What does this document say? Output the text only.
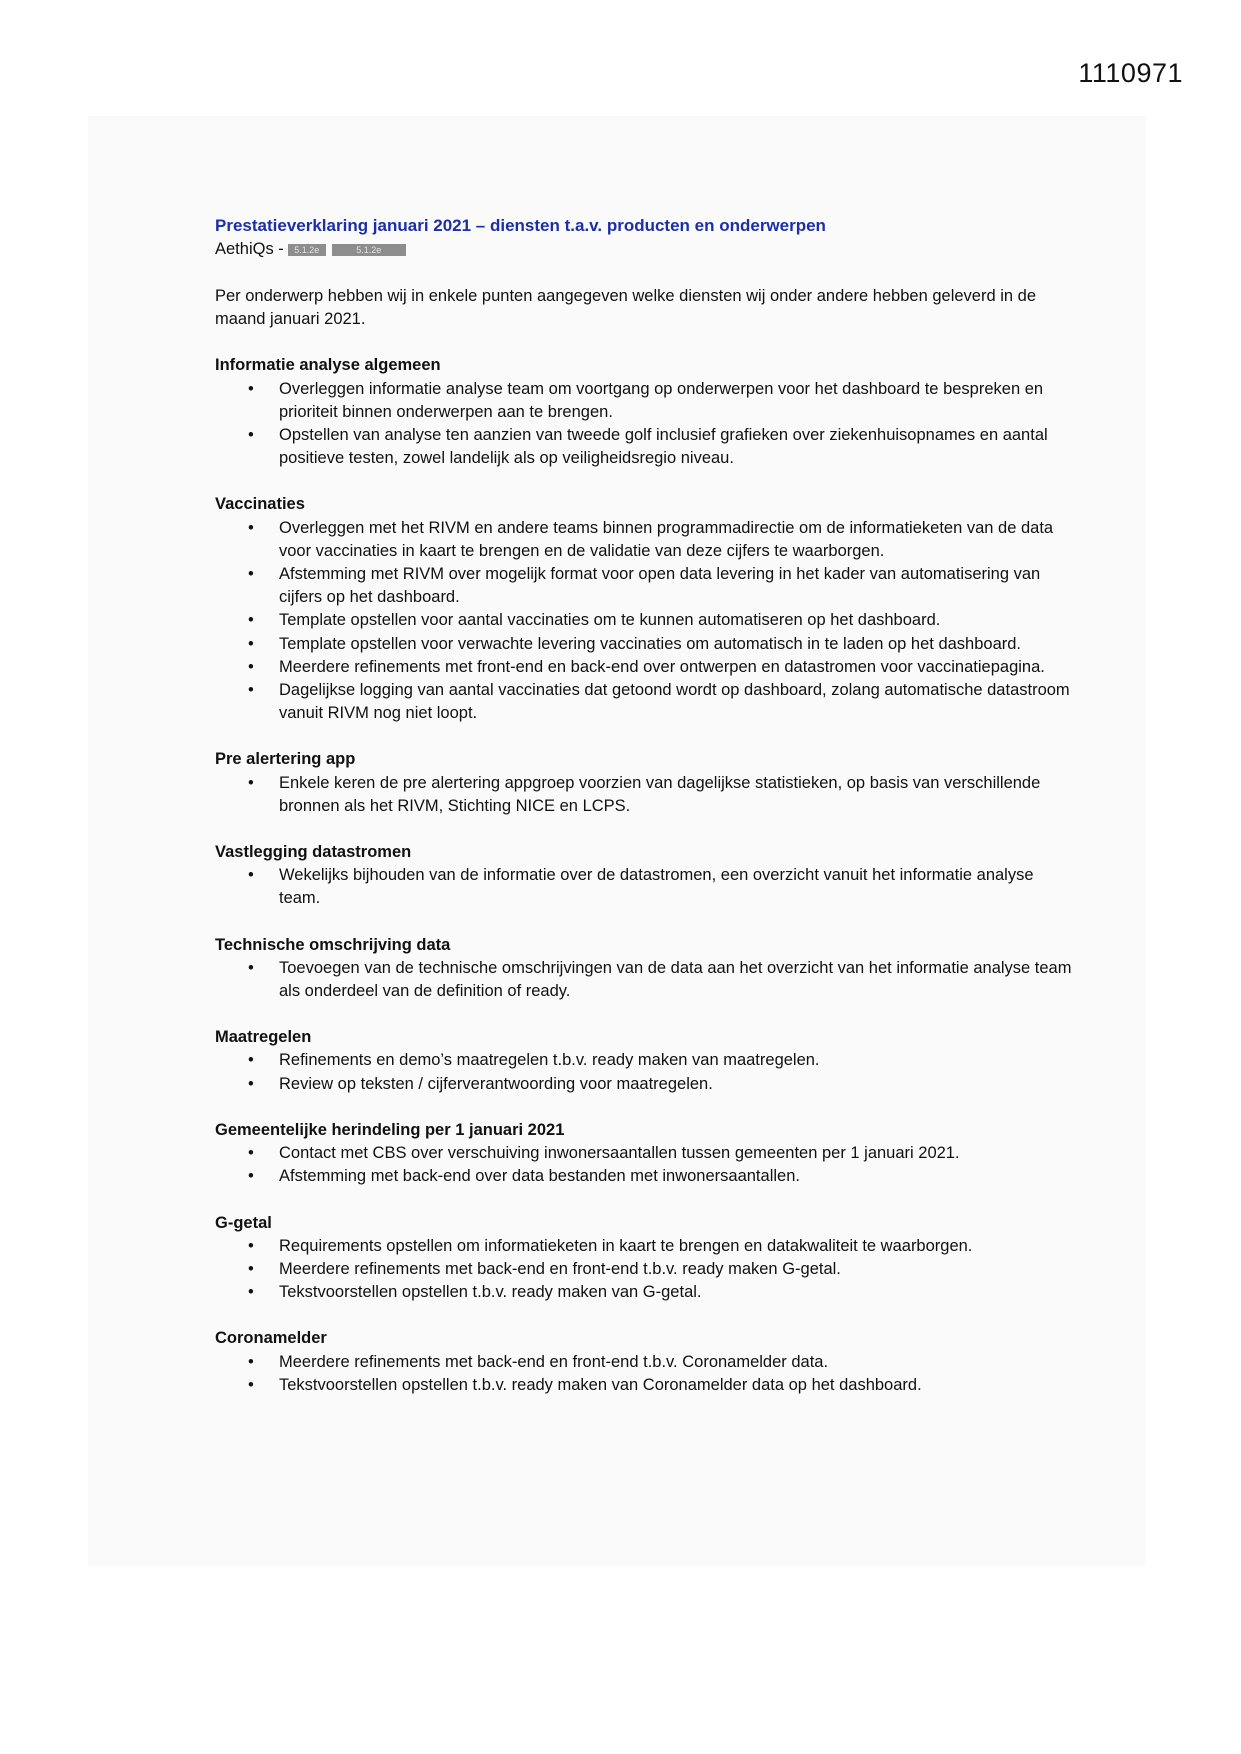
1110971

Prestatieverklaring januari 2021 – diensten t.a.v. producten en onderwerpen

AethiQs -	5.1.2e	5.1.2e

Per onderwerp hebben wij in enkele punten aangegeven welke diensten wij onder andere hebben geleverd in de maand januari 2021.

Informatie analyse algemeen

• Overleggen informatie analyse team om voortgang op onderwerpen voor het dashboard te bespreken en prioriteit binnen onderwerpen aan te brengen.
• Opstellen van analyse ten aanzien van tweede golf inclusief grafieken over ziekenhuisopnames en aantal positieve testen, zowel landelijk als op veiligheidsregio niveau.

Vaccinaties

• Overleggen met het RIVM en andere teams binnen programmadirectie om de informatieketen van de data voor vaccinaties in kaart te brengen en de validatie van deze cijfers te waarborgen.
• Afstemming met RIVM over mogelijk format voor open data levering in het kader van automatisering van cijfers op het dashboard.
• Template opstellen voor aantal vaccinaties om te kunnen automatiseren op het dashboard.
• Template opstellen voor verwachte levering vaccinaties om automatisch in te laden op het dashboard.
• Meerdere refinements met front-end en back-end over ontwerpen en datastromen voor vaccinatiepagina.
• Dagelijkse logging van aantal vaccinaties dat getoond wordt op dashboard, zolang automatische datastroom vanuit RIVM nog niet loopt.

Pre alertering app

• Enkele keren de pre alertering appgroep voorzien van dagelijkse statistieken, op basis van verschillende bronnen als het RIVM, Stichting NICE en LCPS.

Vastlegging datastromen

• Wekelijks bijhouden van de informatie over de datastromen, een overzicht vanuit het informatie analyse team.

Technische omschrijving data

• Toevoegen van de technische omschrijvingen van de data aan het overzicht van het informatie analyse team als onderdeel van de definition of ready.

Maatregelen

• Refinements en demo’s maatregelen t.b.v. ready maken van maatregelen.
• Review op teksten / cijferverantwoording voor maatregelen.

Gemeentelijke herindeling per 1 januari 2021

• Contact met CBS over verschuiving inwonersaantallen tussen gemeenten per 1 januari 2021.
• Afstemming met back-end over data bestanden met inwonersaantallen.

G-getal

• Requirements opstellen om informatieketen in kaart te brengen en datakwaliteit te waarborgen.
• Meerdere refinements met back-end en front-end t.b.v. ready maken G-getal.
• Tekstvoorstellen opstellen t.b.v. ready maken van G-getal.

Coronamelder

• Meerdere refinements met back-end en front-end t.b.v. Coronamelder data.
• Tekstvoorstellen opstellen t.b.v. ready maken van Coronamelder data op het dashboard.
